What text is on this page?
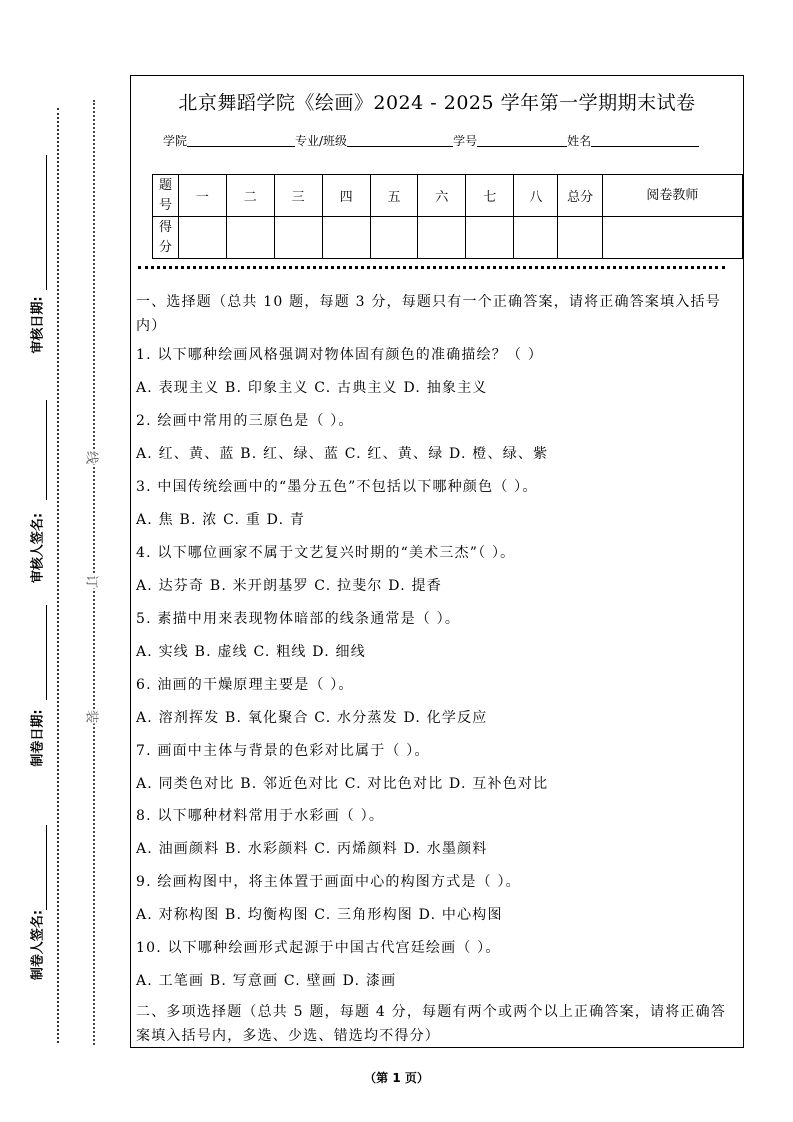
审核日期:
审核人签名:
制卷日期:
制卷人签名:
线
订
装
北京舞蹈学院《绘画》2024 - 2025 学年第一学期期末试卷
学院	专业/班级	学号	姓名
题号	一	二	三	四	五	六	七	八	总分	阅卷教师
得分										
一、选择题（总共 10 题，每题 3 分，每题只有一个正确答案，请将正确答案填入括号内）
1. 以下哪种绘画风格强调对物体固有颜色的准确描绘？（ ）
A. 表现主义 B. 印象主义 C. 古典主义 D. 抽象主义
2. 绘画中常用的三原色是（ ）。
A. 红、黄、蓝 B. 红、绿、蓝 C. 红、黄、绿 D. 橙、绿、紫
3. 中国传统绘画中的“墨分五色”不包括以下哪种颜色（ ）。
A. 焦 B. 浓 C. 重 D. 青
4. 以下哪位画家不属于文艺复兴时期的“美术三杰”（ ）。
A. 达芬奇 B. 米开朗基罗 C. 拉斐尔 D. 提香
5. 素描中用来表现物体暗部的线条通常是（ ）。
A. 实线 B. 虚线 C. 粗线 D. 细线
6. 油画的干燥原理主要是（ ）。
A. 溶剂挥发 B. 氧化聚合 C. 水分蒸发 D. 化学反应
7. 画面中主体与背景的色彩对比属于（ ）。
A. 同类色对比 B. 邻近色对比 C. 对比色对比 D. 互补色对比
8. 以下哪种材料常用于水彩画（ ）。
A. 油画颜料 B. 水彩颜料 C. 丙烯颜料 D. 水墨颜料
9. 绘画构图中，将主体置于画面中心的构图方式是（ ）。
A. 对称构图 B. 均衡构图 C. 三角形构图 D. 中心构图
10. 以下哪种绘画形式起源于中国古代宫廷绘画（ ）。
A. 工笔画 B. 写意画 C. 壁画 D. 漆画
二、多项选择题（总共 5 题，每题 4 分，每题有两个或两个以上正确答案，请将正确答案填入括号内，多选、少选、错选均不得分）
（第 1 页）
